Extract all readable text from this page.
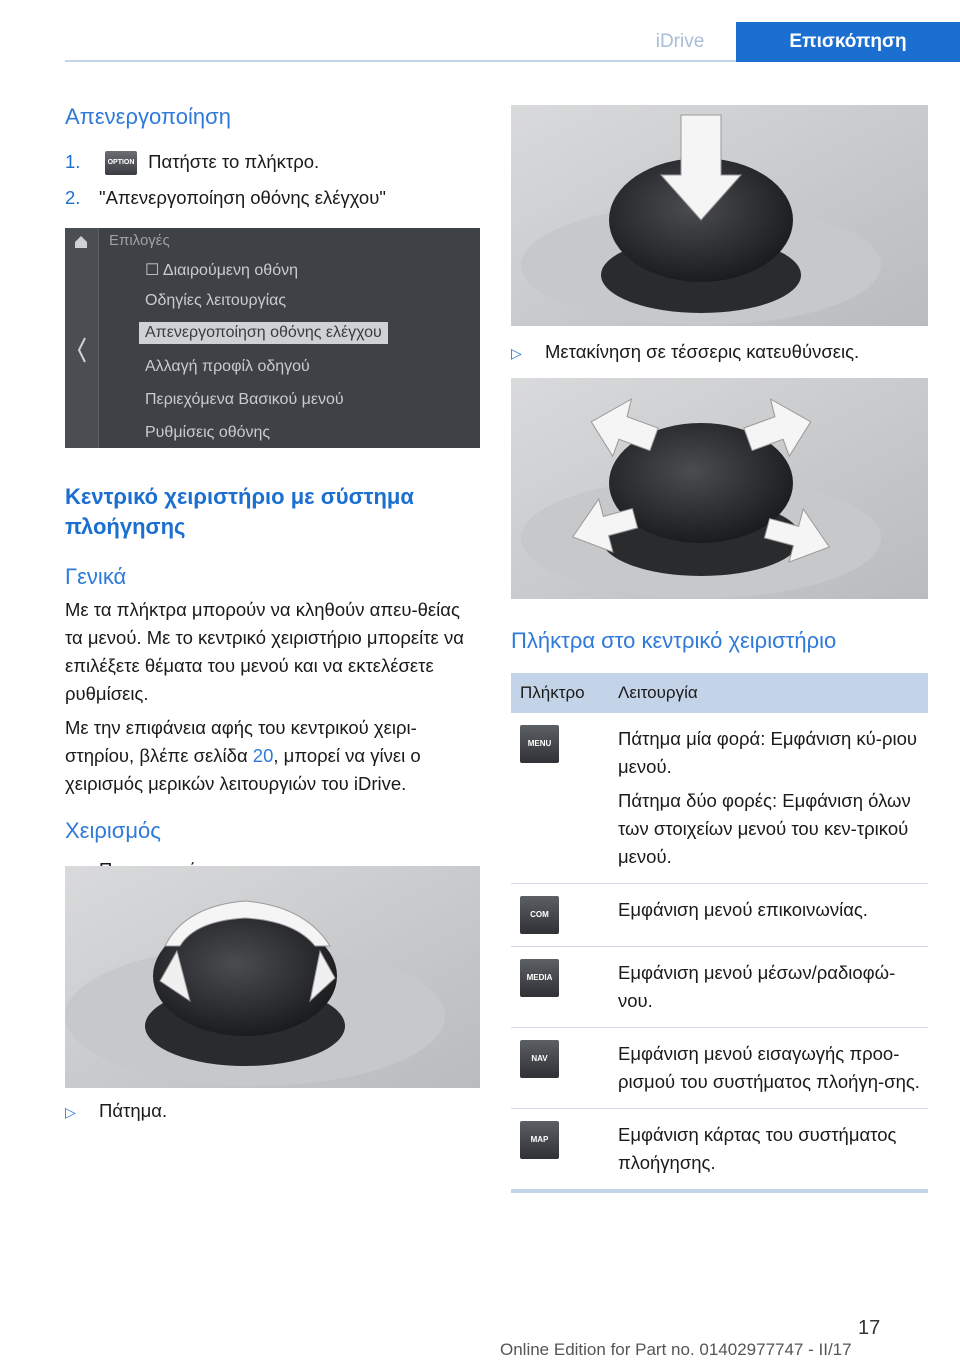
iDrive	Επισκόπηση

Απενεργοποίηση

1.	OPTION Πατήστε το πλήκτρο.

2. "Απενεργοποίηση οθόνης ελέγχου"

Επιλογές
☐ Διαιρούμενη οθόνη
Οδηγίες λειτουργίας
Απενεργοποίηση οθόνης ελέγχου
Αλλαγή προφίλ οδηγού
Περιεχόμενα Βασικού μενού
Ρυθμίσεις οθόνης

Κεντρικό χειριστήριο με σύστημα πλοήγησης

Γενικά

Με τα πλήκτρα μπορούν να κληθούν απευ-θείας τα μενού. Με το κεντρικό χειριστήριο μπορείτε να επιλέξετε θέματα του μενού και να εκτελέσετε ρυθμίσεις.

Με την επιφάνεια αφής του κεντρικού χειρι-στηρίου, βλέπε σελίδα 20, μπορεί να γίνει ο χειρισμός μερικών λειτουργιών του iDrive.

Χειρισμός

▷ Πάτημα.

▷ Μετακίνηση σε τέσσερις κατευθύνσεις.

Πλήκτρα στο κεντρικό χειριστήριο

Πλήκτρο	Λειτουργία
MENU	Πάτημα μία φορά: Εμφάνιση κύ-ριου μενού.
Πάτημα δύο φορές: Εμφάνιση όλων των στοιχείων μενού του κεν-τρικού μενού.
COM	Εμφάνιση μενού επικοινωνίας.
MEDIA	Εμφάνιση μενού μέσων/ραδιοφώ-νου.
NAV	Εμφάνιση μενού εισαγωγής προο-ρισμού του συστήματος πλοήγη-σης.
MAP	Εμφάνιση κάρτας του συστήματος πλοήγησης.
17
Online Edition for Part no. 01402977747 - II/17
